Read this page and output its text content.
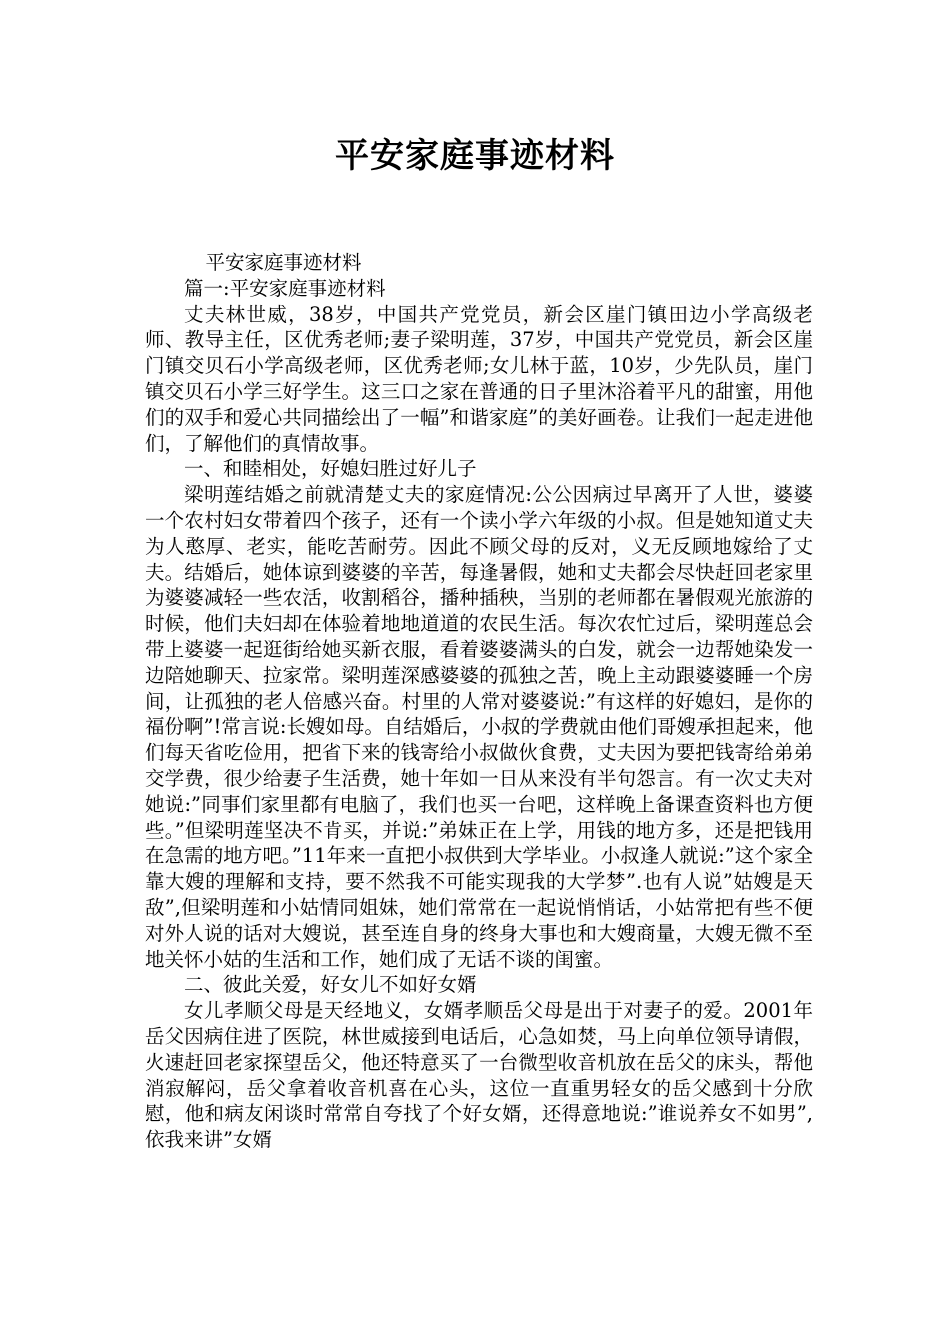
平安家庭事迹材料

平安家庭事迹材料

篇一:平安家庭事迹材料

丈夫林世威，38岁，中国共产党党员，新会区崖门镇田边小学高级老师、教导主任，区优秀老师;妻子梁明莲，37岁，中国共产党党员，新会区崖门镇交贝石小学高级老师，区优秀老师;女儿林于蓝，10岁，少先队员，崖门镇交贝石小学三好学生。这三口之家在普通的日子里沐浴着平凡的甜蜜，用他们的双手和爱心共同描绘出了一幅”和谐家庭”的美好画卷。让我们一起走进他们，了解他们的真情故事。

一、和睦相处，好媳妇胜过好儿子

梁明莲结婚之前就清楚丈夫的家庭情况:公公因病过早离开了人世，婆婆一个农村妇女带着四个孩子，还有一个读小学六年级的小叔。但是她知道丈夫为人憨厚、老实，能吃苦耐劳。因此不顾父母的反对，义无反顾地嫁给了丈夫。结婚后，她体谅到婆婆的辛苦，每逢暑假，她和丈夫都会尽快赶回老家里为婆婆减轻一些农活，收割稻谷，播种插秧，当别的老师都在暑假观光旅游的时候，他们夫妇却在体验着地地道道的农民生活。每次农忙过后，梁明莲总会带上婆婆一起逛街给她买新衣服，看着婆婆满头的白发，就会一边帮她染发一边陪她聊天、拉家常。梁明莲深感婆婆的孤独之苦，晚上主动跟婆婆睡一个房间，让孤独的老人倍感兴奋。村里的人常对婆婆说:”有这样的好媳妇，是你的福份啊”!常言说:长嫂如母。自结婚后，小叔的学费就由他们哥嫂承担起来，他们每天省吃俭用，把省下来的钱寄给小叔做伙食费，丈夫因为要把钱寄给弟弟交学费，很少给妻子生活费，她十年如一日从来没有半句怨言。有一次丈夫对她说:”同事们家里都有电脑了，我们也买一台吧，这样晚上备课查资料也方便些。”但梁明莲坚决不肯买，并说:”弟妹正在上学，用钱的地方多，还是把钱用在急需的地方吧。”11年来一直把小叔供到大学毕业。小叔逢人就说:”这个家全靠大嫂的理解和支持，要不然我不可能实现我的大学梦”.也有人说”姑嫂是天敌”,但梁明莲和小姑情同姐妹，她们常常在一起说悄悄话，小姑常把有些不便对外人说的话对大嫂说，甚至连自身的终身大事也和大嫂商量，大嫂无微不至地关怀小姑的生活和工作，她们成了无话不谈的闺蜜。

二、彼此关爱，好女儿不如好女婿

女儿孝顺父母是天经地义，女婿孝顺岳父母是出于对妻子的爱。2001年岳父因病住进了医院，林世威接到电话后，心急如焚，马上向单位领导请假，火速赶回老家探望岳父，他还特意买了一台微型收音机放在岳父的床头，帮他消寂解闷，岳父拿着收音机喜在心头，这位一直重男轻女的岳父感到十分欣慰，他和病友闲谈时常常自夸找了个好女婿，还得意地说:”谁说养女不如男”,依我来讲”女婿
